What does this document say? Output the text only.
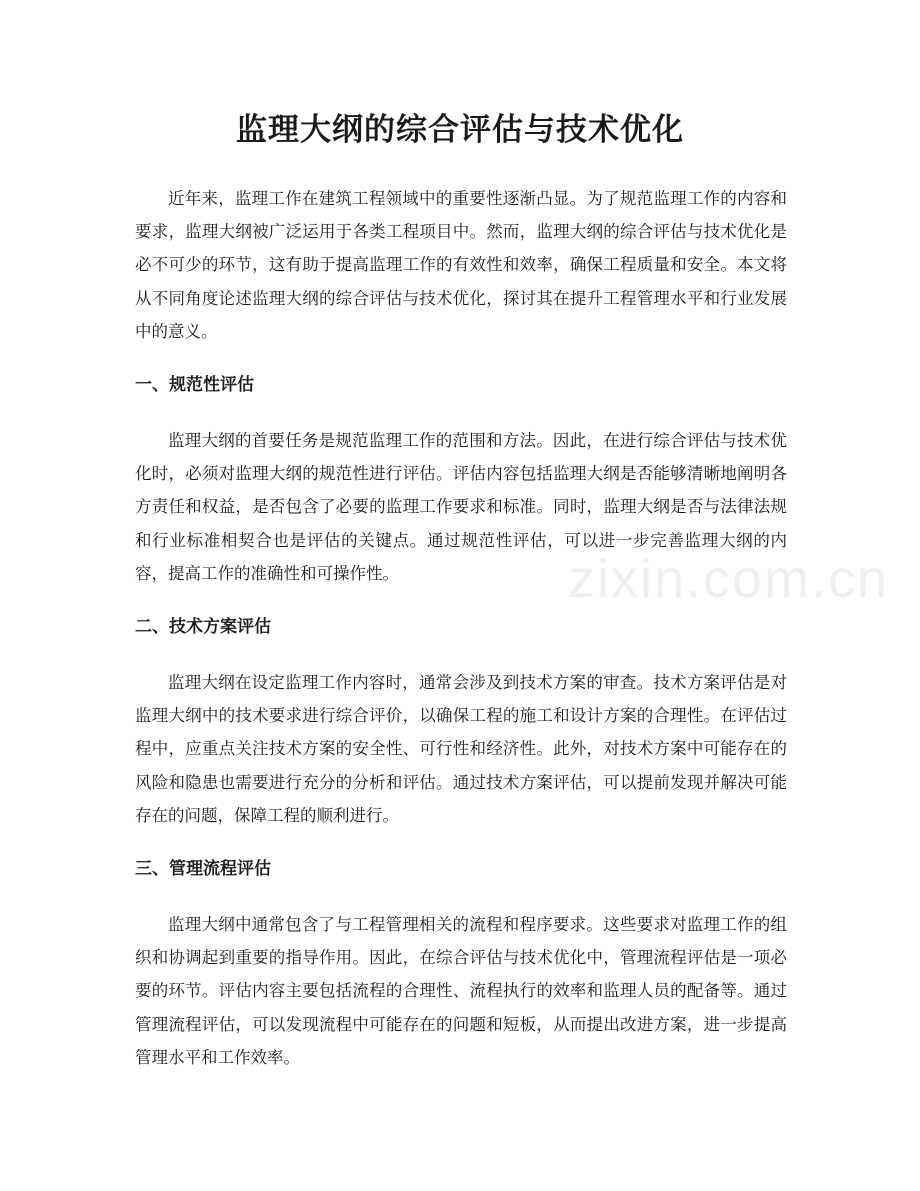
监理大纲的综合评估与技术优化

近年来，监理工作在建筑工程领域中的重要性逐渐凸显。为了规范监理工作的内容和要求，监理大纲被广泛运用于各类工程项目中。然而，监理大纲的综合评估与技术优化是必不可少的环节，这有助于提高监理工作的有效性和效率，确保工程质量和安全。本文将从不同角度论述监理大纲的综合评估与技术优化，探讨其在提升工程管理水平和行业发展中的意义。

一、规范性评估

监理大纲的首要任务是规范监理工作的范围和方法。因此，在进行综合评估与技术优化时，必须对监理大纲的规范性进行评估。评估内容包括监理大纲是否能够清晰地阐明各方责任和权益，是否包含了必要的监理工作要求和标准。同时，监理大纲是否与法律法规和行业标准相契合也是评估的关键点。通过规范性评估，可以进一步完善监理大纲的内容，提高工作的准确性和可操作性。

二、技术方案评估

监理大纲在设定监理工作内容时，通常会涉及到技术方案的审查。技术方案评估是对监理大纲中的技术要求进行综合评价，以确保工程的施工和设计方案的合理性。在评估过程中，应重点关注技术方案的安全性、可行性和经济性。此外，对技术方案中可能存在的风险和隐患也需要进行充分的分析和评估。通过技术方案评估，可以提前发现并解决可能存在的问题，保障工程的顺利进行。

三、管理流程评估

监理大纲中通常包含了与工程管理相关的流程和程序要求。这些要求对监理工作的组织和协调起到重要的指导作用。因此，在综合评估与技术优化中，管理流程评估是一项必要的环节。评估内容主要包括流程的合理性、流程执行的效率和监理人员的配备等。通过管理流程评估，可以发现流程中可能存在的问题和短板，从而提出改进方案，进一步提高管理水平和工作效率。

zixin.com.cn
